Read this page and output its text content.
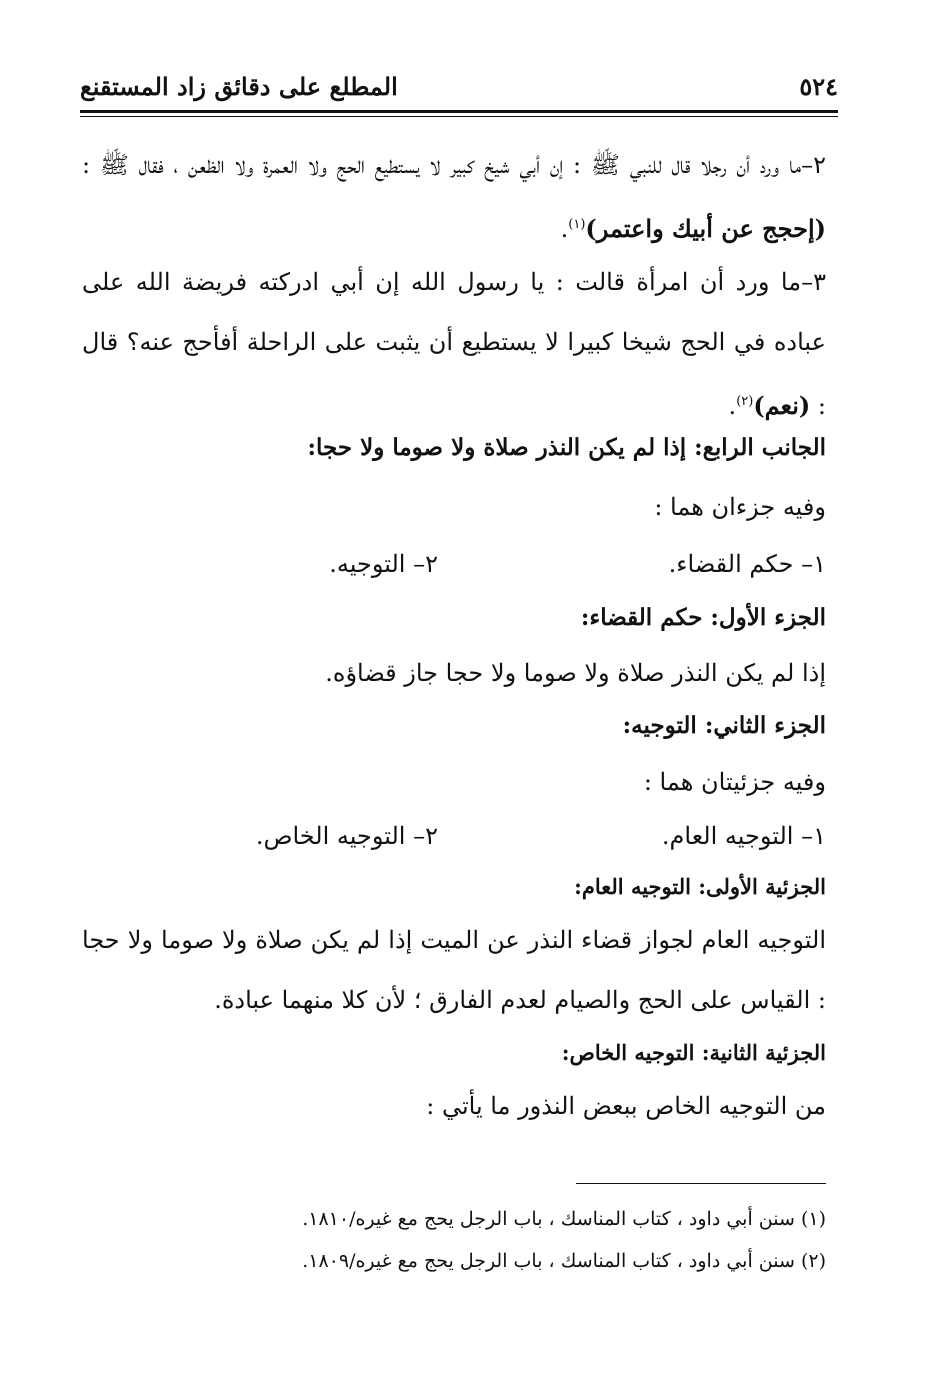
٥٢٤
المطلع على دقائق زاد المستقنع
٢–ما ورد أن رجلا قال للنبي ﷺ : إن أبي شيخ كبير لا يستطيع الحج ولا العمرة ولا الظعن ، فقال ﷺ : (إحجج عن أبيك واعتمر)$^{(١)}$.
٣–ما ورد أن امرأة قالت : يا رسول الله إن أبي ادركته فريضة الله على عباده في الحج شيخا كبيرا لا يستطيع أن يثبت على الراحلة أفأحج عنه؟ قال : (نعم)$^{(٢)}$.
الجانب الرابع: إذا لم يكن النذر صلاة ولا صوما ولا حجا:
وفيه جزءان هما :
١– حكم القضاء.
٢– التوجيه.
الجزء الأول: حكم القضاء:
إذا لم يكن النذر صلاة ولا صوما ولا حجا جاز قضاؤه.
الجزء الثاني: التوجيه:
وفيه جزئيتان هما :
١– التوجيه العام.
٢– التوجيه الخاص.
الجزئية الأولى: التوجيه العام:
التوجيه العام لجواز قضاء النذر عن الميت إذا لم يكن صلاة ولا صوما ولا حجا : القياس على الحج والصيام لعدم الفارق ؛ لأن كلا منهما عبادة.
الجزئية الثانية: التوجيه الخاص:
من التوجيه الخاص ببعض النذور ما يأتي :
(١) سنن أبي داود ، كتاب المناسك ، باب الرجل يحج مع غيره/١٨١٠.
(٢) سنن أبي داود ، كتاب المناسك ، باب الرجل يحج مع غيره/١٨٠٩.
